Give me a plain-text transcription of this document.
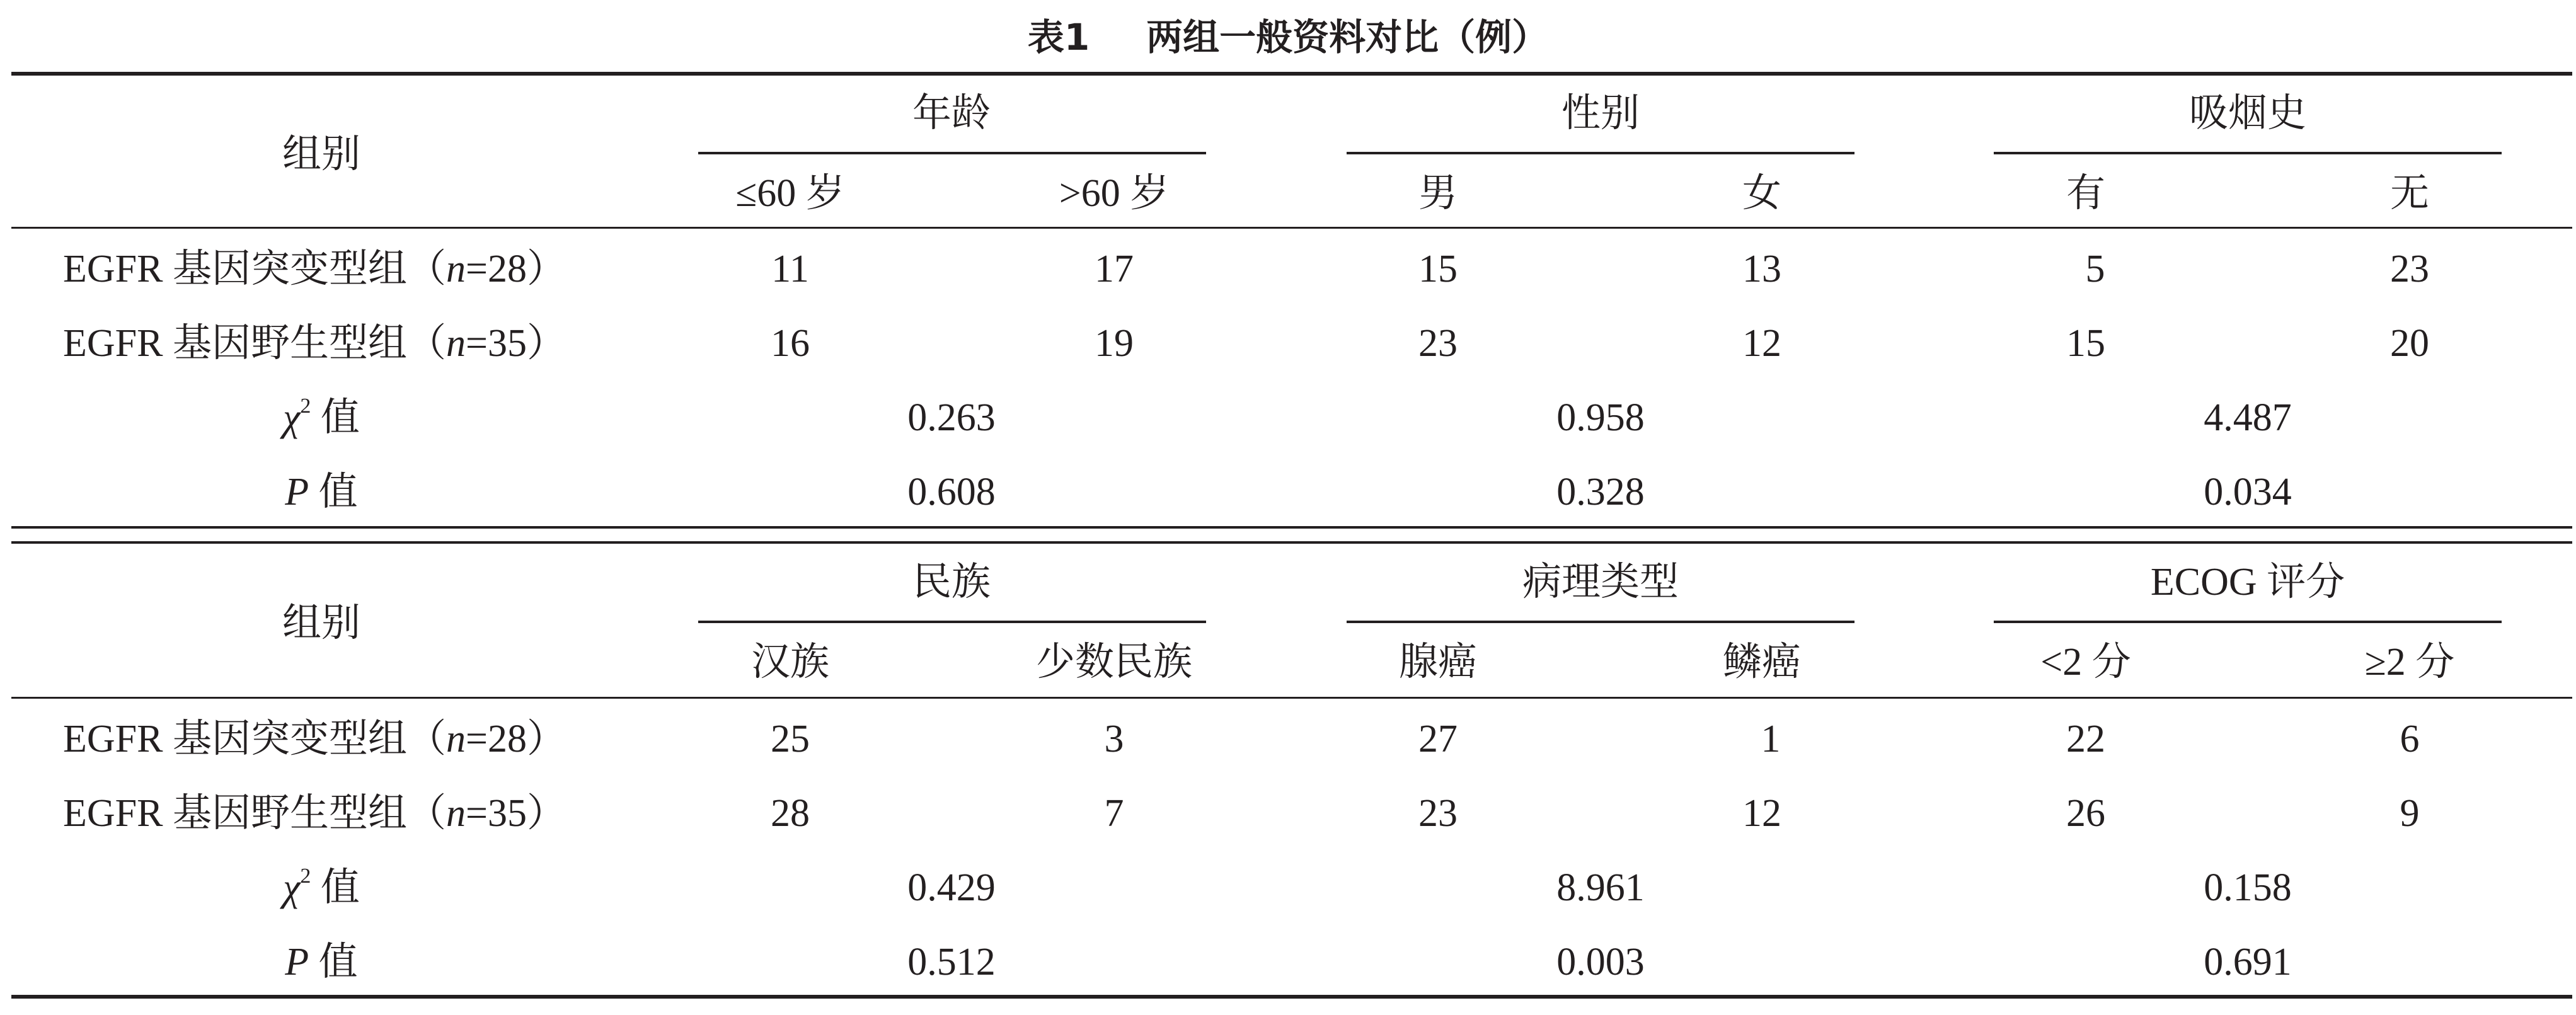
表1 两组一般资料对比（例）
组别
年龄	性别	吸烟史
≤60 岁	>60 岁	男	女	有	无
EGFR 基因突变型组（n=28）	11	17	15	13	5	23
EGFR 基因野生型组（n=35）	16	19	23	12	15	20
$\chi^2$ 值	0.263	0.958	4.487
P 值	0.608	0.328	0.034
组别
民族	病理类型	ECOG 评分
汉族	少数民族	腺癌	鳞癌	<2 分	≥2 分
EGFR 基因突变型组（n=28）	25	3	27	1	22	6
EGFR 基因野生型组（n=35）	28	7	23	12	26	9
$\chi^2$ 值	0.429	8.961	0.158
P 值	0.512	0.003	0.691
